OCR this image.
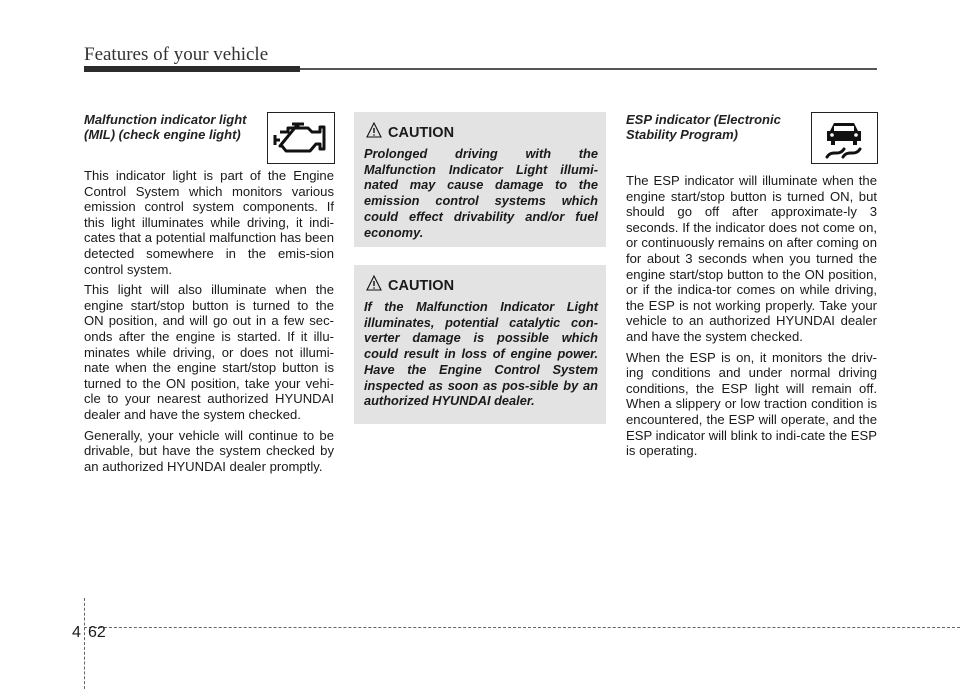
Features of your vehicle
Malfunction indicator light (MIL) (check engine light)

This indicator light is part of the Engine Control System which monitors various emission control system components. If this light illuminates while driving, it indi-cates that a potential malfunction has been detected somewhere in the emis-sion control system.

This light will also illuminate when the engine start/stop button is turned to the ON position, and will go out in a few sec-onds after the engine is started. If it illu-minates while driving, or does not illumi-nate when the engine start/stop button is turned to the ON position, take your vehi-cle to your nearest authorized HYUNDAI dealer and have the system checked.

Generally, your vehicle will continue to be drivable, but have the system checked by an authorized HYUNDAI dealer promptly.

CAUTION
Prolonged driving with the Malfunction Indicator Light illumi-nated may cause damage to the emission control systems which could effect drivability and/or fuel economy.
CAUTION
If the Malfunction Indicator Light illuminates, potential catalytic con-verter damage is possible which could result in loss of engine power. Have the Engine Control System inspected as soon as pos-sible by an authorized HYUNDAI dealer.
ESP indicator (Electronic Stability Program)

The ESP indicator will illuminate when the engine start/stop button is turned ON, but should go off after approximate-ly 3 seconds. If the indicator does not come on, or continuously remains on after coming on for about 3 seconds when you turned the engine start/stop button to the ON position, or if the indica-tor comes on while driving, the ESP is not working properly. Take your vehicle to an authorized HYUNDAI dealer and have the system checked.

When the ESP is on, it monitors the driv-ing conditions and under normal driving conditions, the ESP light will remain off. When a slippery or low traction condition is encountered, the ESP will operate, and the ESP indicator will blink to indi-cate the ESP is operating.

4 62
